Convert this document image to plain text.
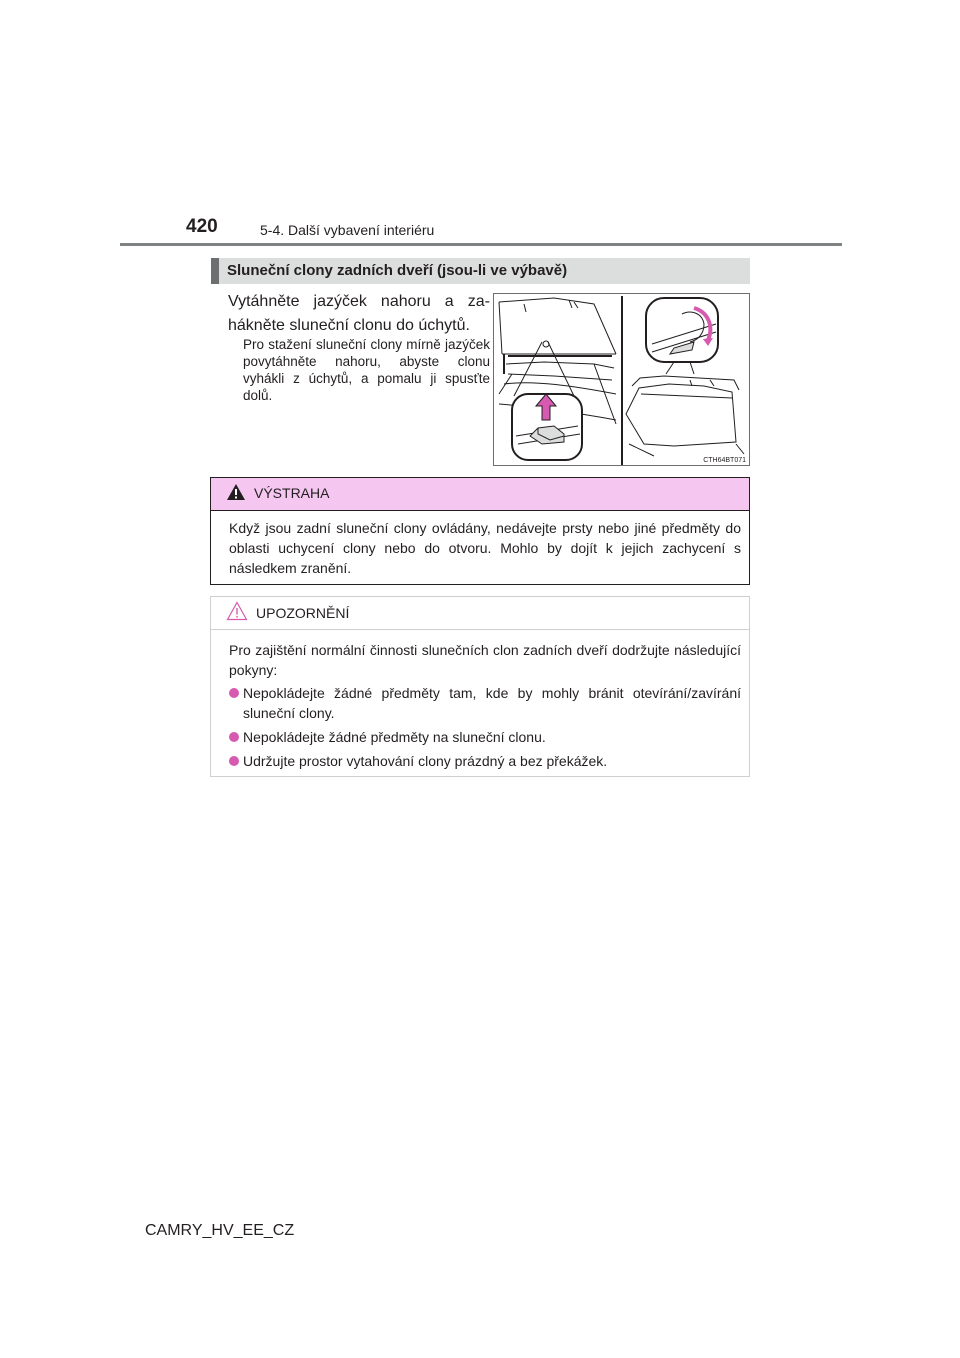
420	5-4. Další vybavení interiéru
Sluneční clony zadních dveří (jsou-li ve výbavě)
Vytáhněte jazýček nahoru a zahákněte sluneční clonu do úchytů.
Pro stažení sluneční clony mírně jazýček povytáhněte nahoru, abyste clonu vyhákli z úchytů, a pomalu ji spusťte dolů.
CTH64BT071
VÝSTRAHA
Když jsou zadní sluneční clony ovládány, nedávejte prsty nebo jiné předměty do oblasti uchycení clony nebo do otvoru. Mohlo by dojít k jejich zachycení s následkem zranění.
UPOZORNĚNÍ
Pro zajištění normální činnosti slunečních clon zadních dveří dodržujte následující pokyny:
Nepokládejte žádné předměty tam, kde by mohly bránit otevírání/zavírání sluneční clony.
Nepokládejte žádné předměty na sluneční clonu.
Udržujte prostor vytahování clony prázdný a bez překážek.
CAMRY_HV_EE_CZ
